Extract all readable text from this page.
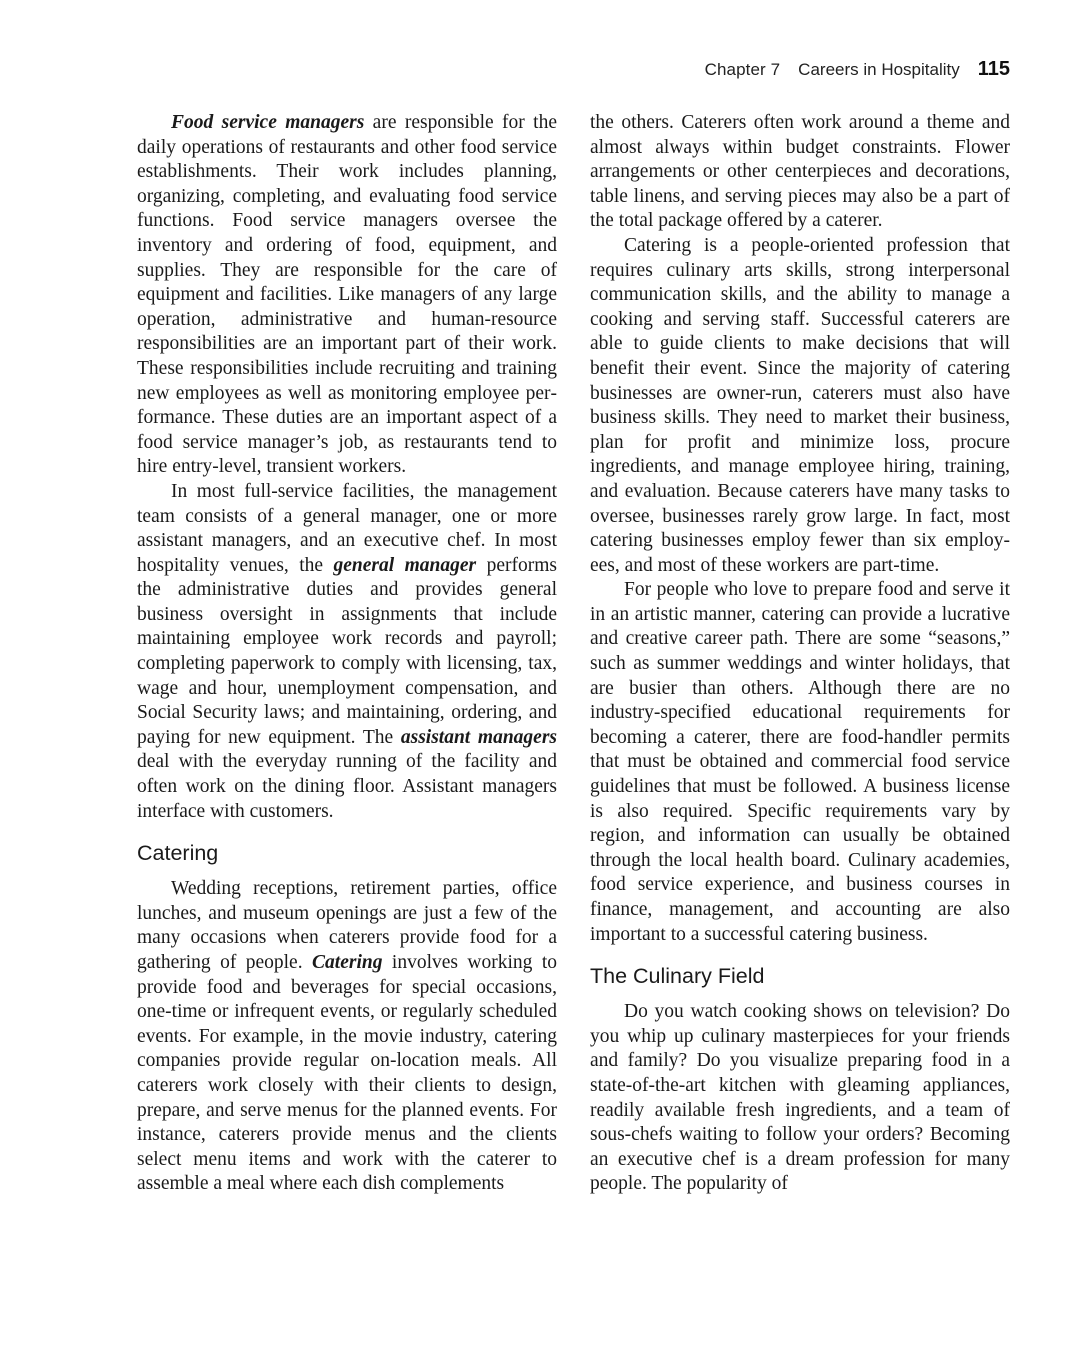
Chapter 7 Careers in Hospitality 115

Food service managers are responsible for the daily operations of restaurants and other food service establishments. Their work includes planning, organizing, completing, and evaluating food service functions. Food service managers oversee the inventory and ordering of food, equipment, and supplies. They are responsible for the care of equipment and facilities. Like managers of any large operation, administrative and human-resource responsibilities are an important part of their work. These responsibilities include recruiting and training new employees as well as monitoring employee performance. These duties are an important aspect of a food service manager’s job, as restaurants tend to hire entry-level, transient workers.

In most full-service facilities, the management team consists of a general manager, one or more assistant managers, and an executive chef. In most hospitality venues, the general manager performs the administrative duties and provides general business oversight in assignments that include maintaining employee work records and payroll; completing paperwork to comply with licensing, tax, wage and hour, unemployment compensation, and Social Security laws; and maintaining, ordering, and paying for new equipment. The assistant managers deal with the everyday running of the facility and often work on the dining floor. Assistant managers interface with customers.

Catering

Wedding receptions, retirement parties, office lunches, and museum openings are just a few of the many occasions when caterers provide food for a gathering of people. Catering involves working to provide food and beverages for special occasions, one-time or infrequent events, or regularly scheduled events. For example, in the movie industry, catering companies provide regular on-location meals. All caterers work closely with their clients to design, prepare, and serve menus for the planned events. For instance, caterers provide menus and the clients select menu items and work with the caterer to assemble a meal where each dish complements

the others. Caterers often work around a theme and almost always within budget constraints. Flower arrangements or other centerpieces and decorations, table linens, and serving pieces may also be a part of the total package offered by a caterer.

Catering is a people-oriented profession that requires culinary arts skills, strong interpersonal communication skills, and the ability to manage a cooking and serving staff. Successful caterers are able to guide clients to make decisions that will benefit their event. Since the majority of catering businesses are owner-run, caterers must also have business skills. They need to market their business, plan for profit and minimize loss, procure ingredients, and manage employee hiring, training, and evaluation. Because caterers have many tasks to oversee, businesses rarely grow large. In fact, most catering businesses employ fewer than six employees, and most of these workers are part-time.

For people who love to prepare food and serve it in an artistic manner, catering can provide a lucrative and creative career path. There are some “seasons,” such as summer weddings and winter holidays, that are busier than others. Although there are no industry-specified educational requirements for becoming a caterer, there are food-handler permits that must be obtained and commercial food service guidelines that must be followed. A business license is also required. Specific requirements vary by region, and information can usually be obtained through the local health board. Culinary academies, food service experience, and business courses in finance, management, and accounting are also important to a successful catering business.

The Culinary Field

Do you watch cooking shows on television? Do you whip up culinary masterpieces for your friends and family? Do you visualize preparing food in a state-of-the-art kitchen with gleaming appliances, readily available fresh ingredients, and a team of sous-chefs waiting to follow your orders? Becoming an executive chef is a dream profession for many people. The popularity of
